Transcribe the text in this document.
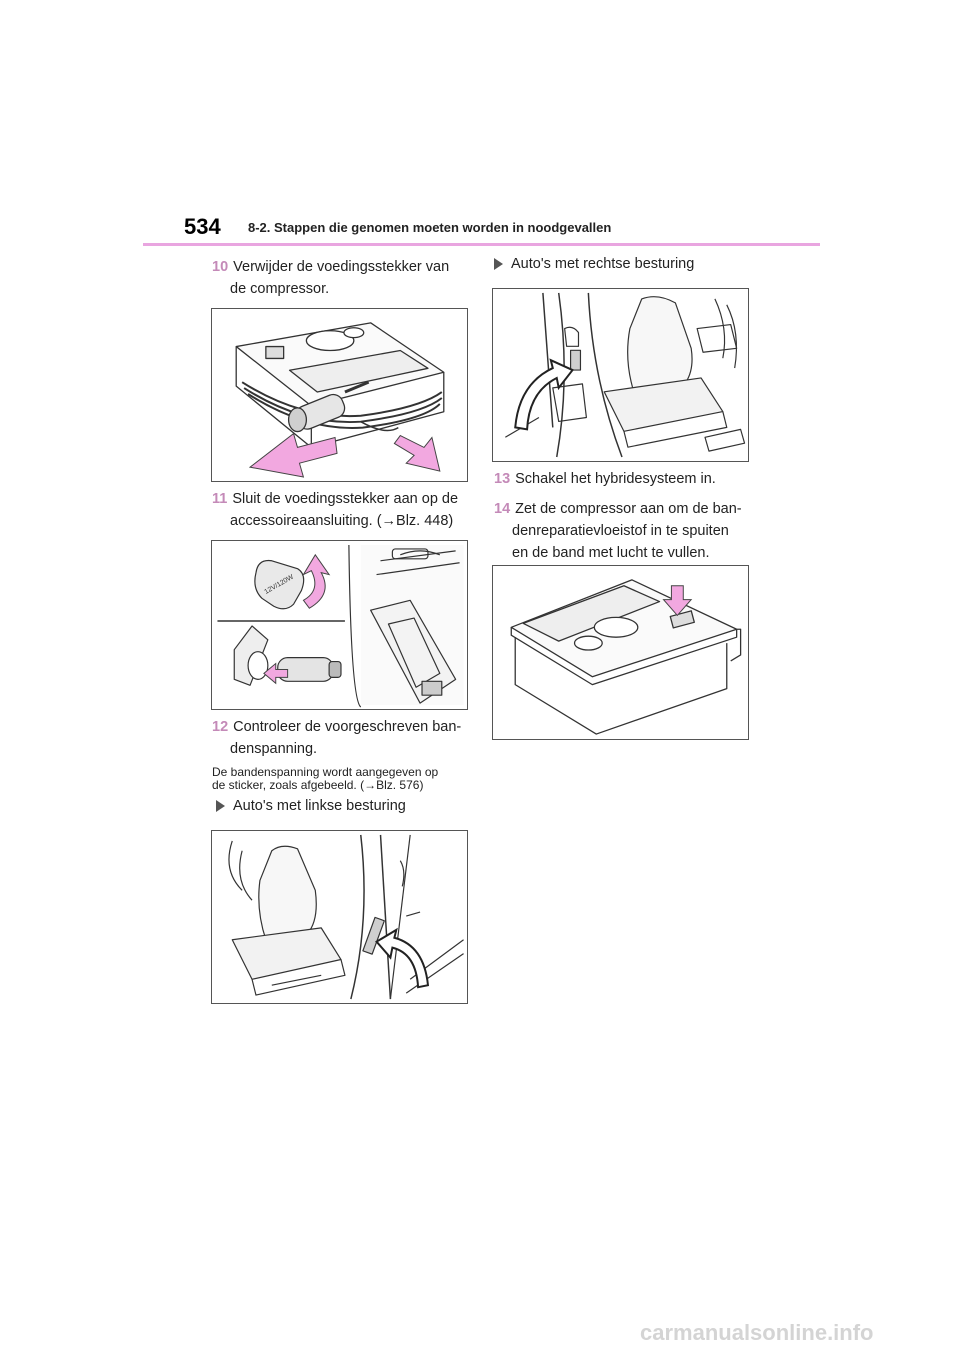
534 8-2. Stappen die genomen moeten worden in noodgevallen
10 Verwijder de voedingsstekker van
de compressor.
11 Sluit de voedingsstekker aan op de
accessoireaansluiting. (→Blz. 448)
12V/120W
12 Controleer de voorgeschreven ban-
denspanning.
De bandenspanning wordt aangegeven op
de sticker, zoals afgebeeld. (→Blz. 576)
Auto's met linkse besturing
Auto's met rechtse besturing
13 Schakel het hybridesysteem in.
14 Zet de compressor aan om de ban-
denreparatievloeistof in te spuiten
en de band met lucht te vullen.
carmanualsonline.info
